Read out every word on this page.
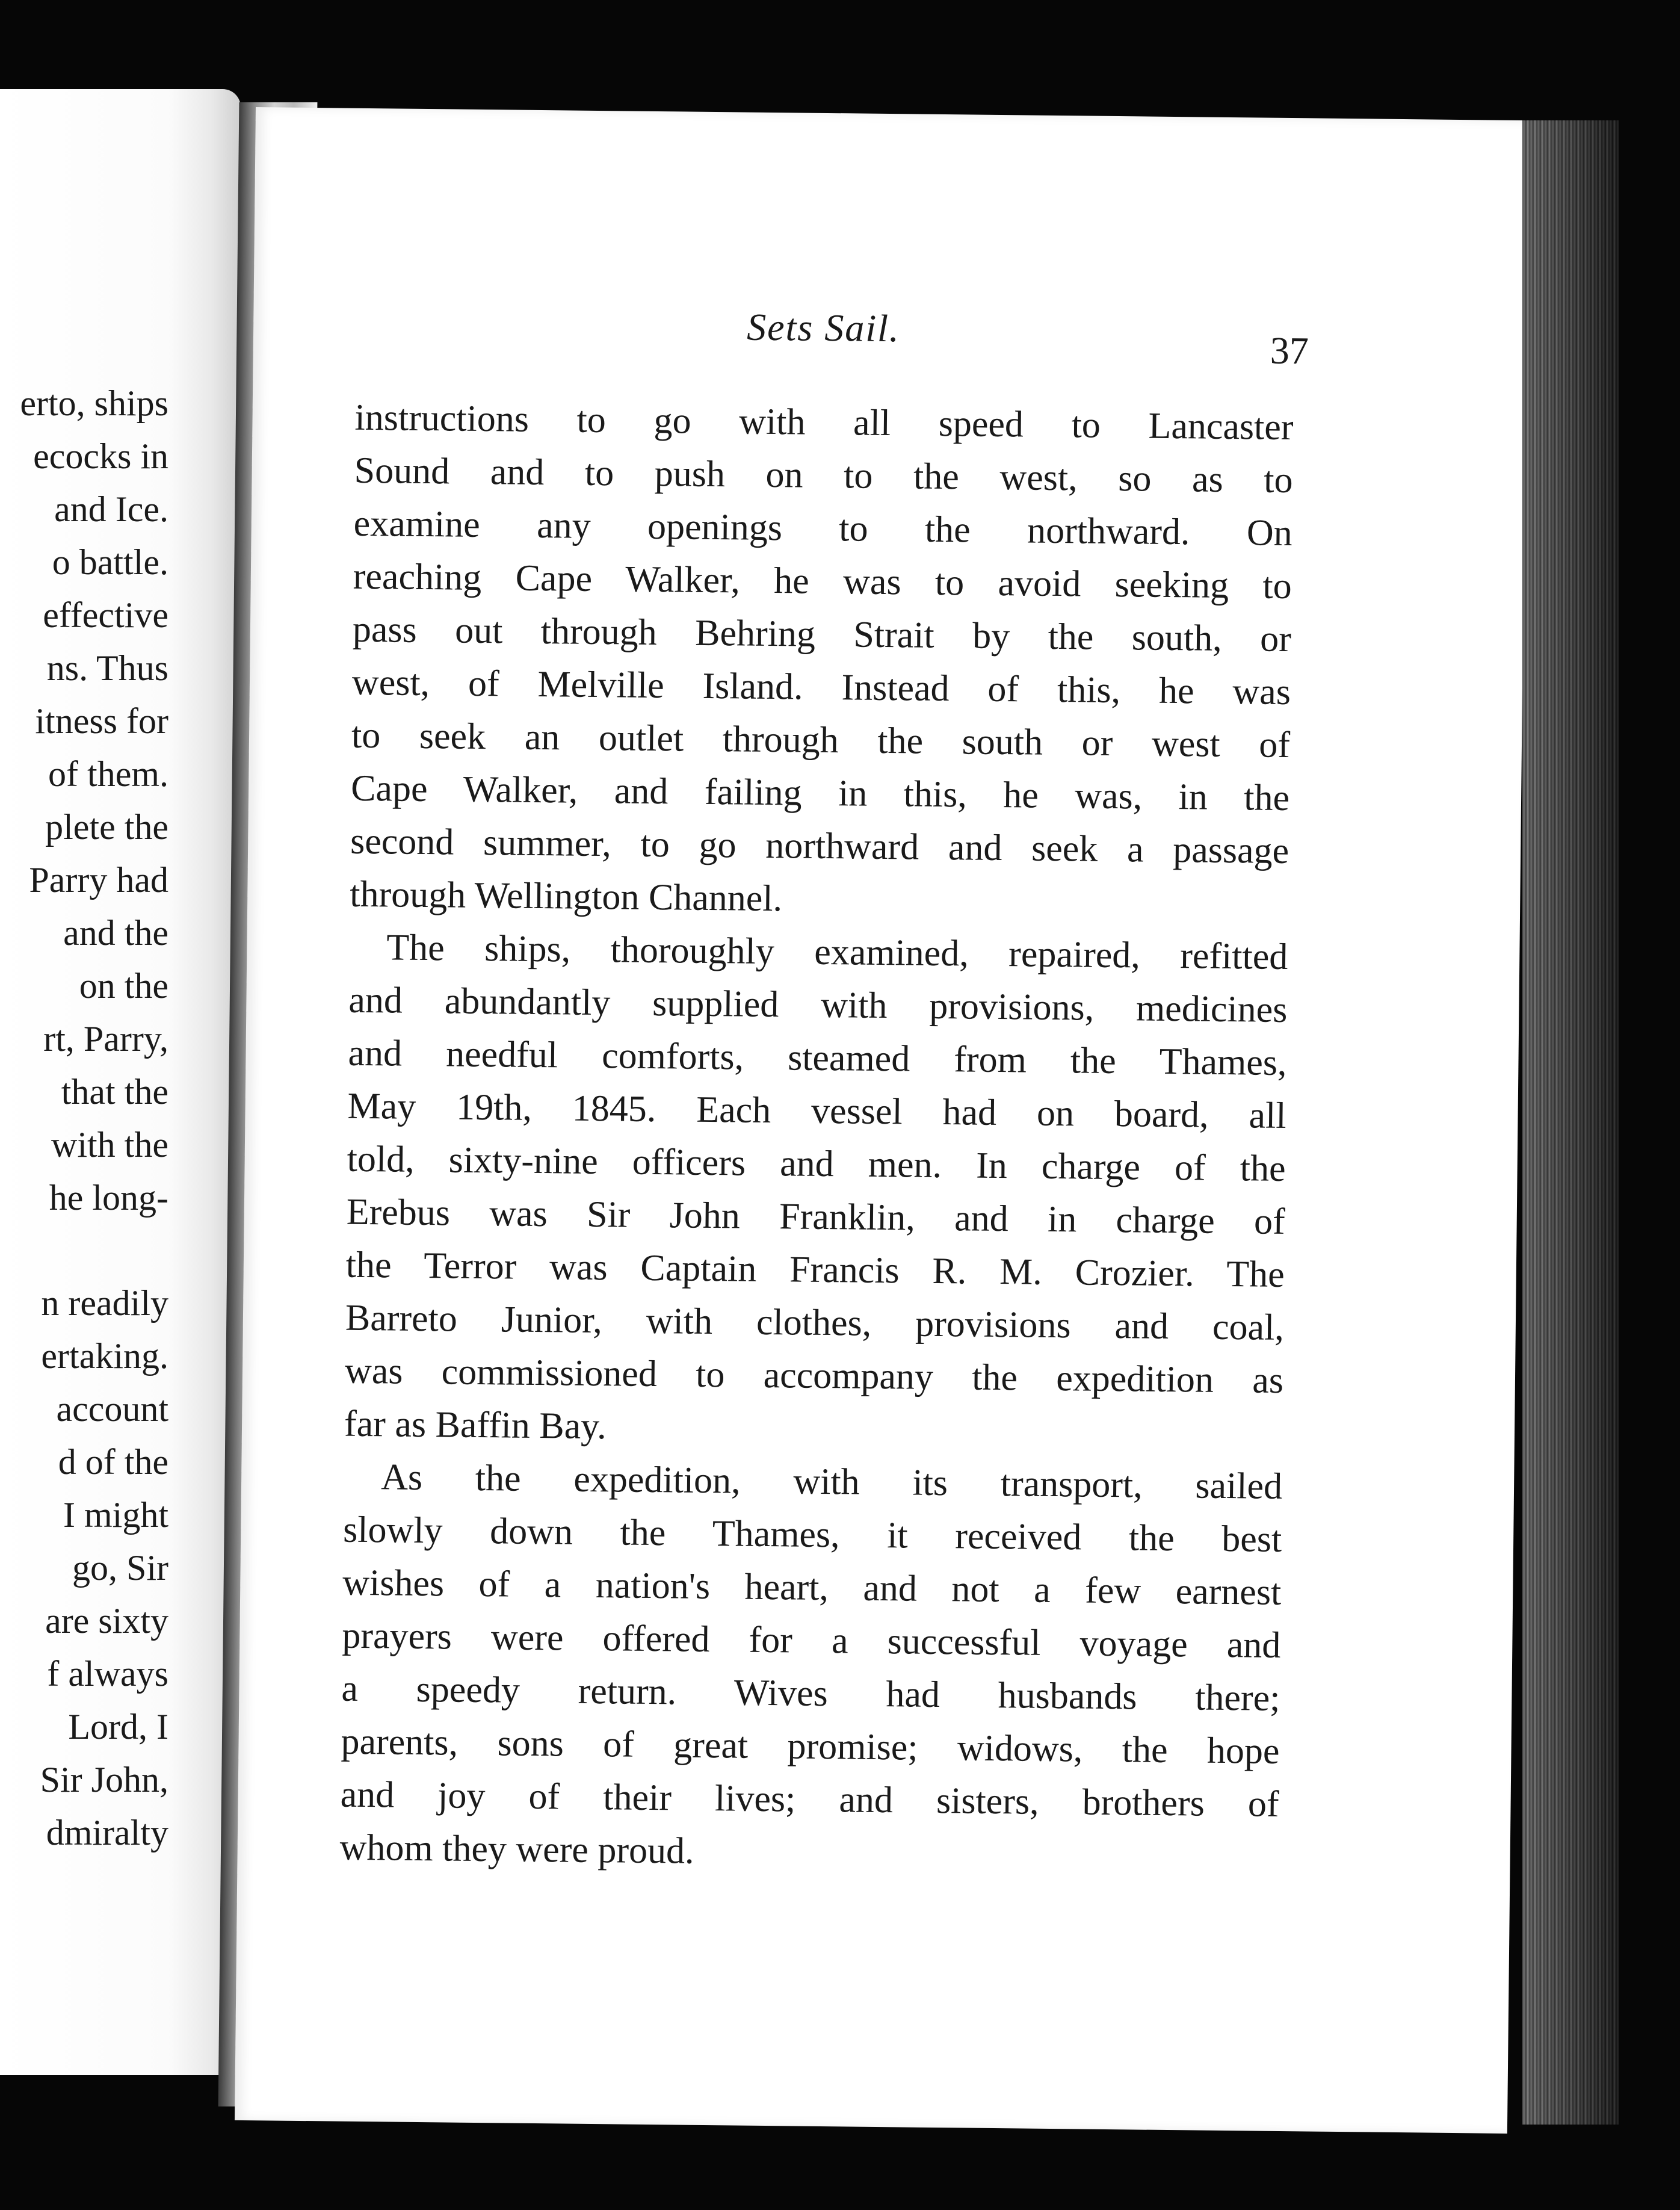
erto, ships
ecocks in
and Ice.
o battle.
effective
ns. Thus
itness for
of them.
plete the
Parry had
and the
on the
rt, Parry,
that the
with the
he long-
n readily
ertaking.
account
d of the
I might
go, Sir
are sixty
f always
Lord, I
Sir John,
dmiralty
Sets Sail.
37
instructions to go with all speed to Lancaster
Sound and to push on to the west, so as to
examine any openings to the northward. On
reaching Cape Walker, he was to avoid seeking to
pass out through Behring Strait by the south, or
west, of Melville Island. Instead of this, he was
to seek an outlet through the south or west of
Cape Walker, and failing in this, he was, in the
second summer, to go northward and seek a passage
through Wellington Channel.
The ships, thoroughly examined, repaired, refitted
and abundantly supplied with provisions, medicines
and needful comforts, steamed from the Thames,
May 19th, 1845. Each vessel had on board, all
told, sixty-nine officers and men. In charge of the
Erebus was Sir John Franklin, and in charge of
the Terror was Captain Francis R. M. Crozier. The
Barreto Junior, with clothes, provisions and coal,
was commissioned to accompany the expedition as
far as Baffin Bay.
As the expedition, with its transport, sailed
slowly down the Thames, it received the best
wishes of a nation's heart, and not a few earnest
prayers were offered for a successful voyage and
a speedy return. Wives had husbands there;
parents, sons of great promise; widows, the hope
and joy of their lives; and sisters, brothers of
whom they were proud.
